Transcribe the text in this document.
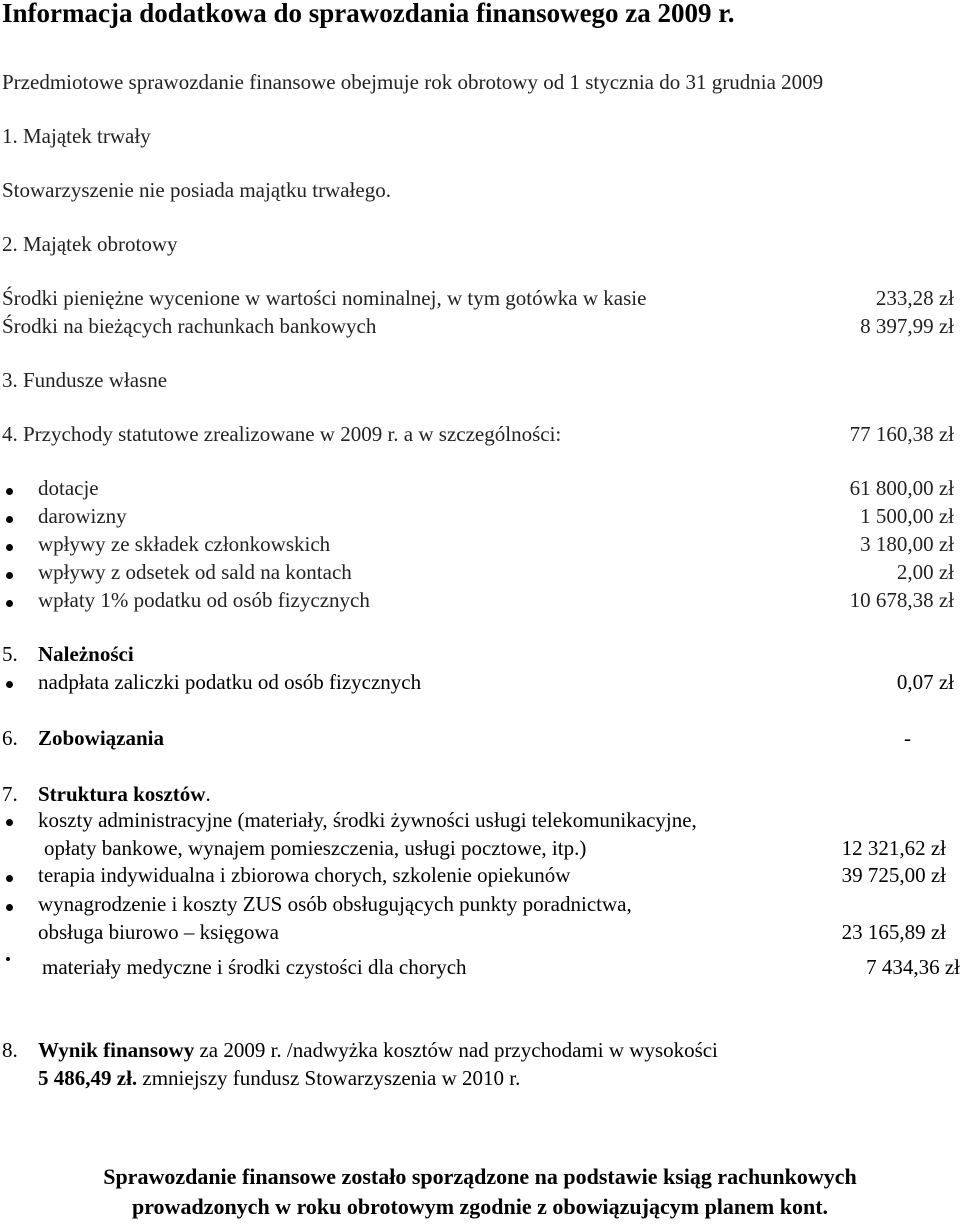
Informacja dodatkowa do sprawozdania finansowego za 2009 r.
Przedmiotowe sprawozdanie finansowe obejmuje rok obrotowy od 1 stycznia do 31 grudnia 2009
1. Majątek trwały
Stowarzyszenie nie posiada majątku trwałego.
2. Majątek obrotowy
Środki pieniężne wycenione w wartości nominalnej, w tym gotówka w kasie	233,28 zł
Środki na bieżących rachunkach bankowych	8 397,99 zł
3. Fundusze własne
4. Przychody statutowe zrealizowane w 2009 r. a w szczególności:	77 160,38 zł
dotacje	61 800,00 zł
darowizny	1 500,00 zł
wpływy ze składek członkowskich	3 180,00 zł
wpływy z odsetek od sald na kontach	2,00 zł
wpłaty 1% podatku od osób fizycznych	10 678,38 zł
5. Należności
nadpłata zaliczki podatku od osób fizycznych	0,07 zł
6. Zobowiązania	-
7. Struktura kosztów.
koszty administracyjne (materiały, środki żywności usługi telekomunikacyjne,
opłaty bankowe, wynajem pomieszczenia, usługi pocztowe, itp.)	12 321,62 zł
terapia indywidualna i zbiorowa chorych, szkolenie opiekunów	39 725,00 zł
wynagrodzenie i koszty ZUS osób obsługujących punkty poradnictwa,
obsługa biurowo – księgowa	23 165,89 zł
materiały medyczne i środki czystości dla chorych	7 434,36 zł
8. Wynik finansowy za 2009 r. /nadwyżka kosztów nad przychodami w wysokości
5 486,49 zł. zmniejszy fundusz Stowarzyszenia w 2010 r.
Sprawozdanie finansowe zostało sporządzone na podstawie ksiąg rachunkowych
prowadzonych w roku obrotowym zgodnie z obowiązującym planem kont.
